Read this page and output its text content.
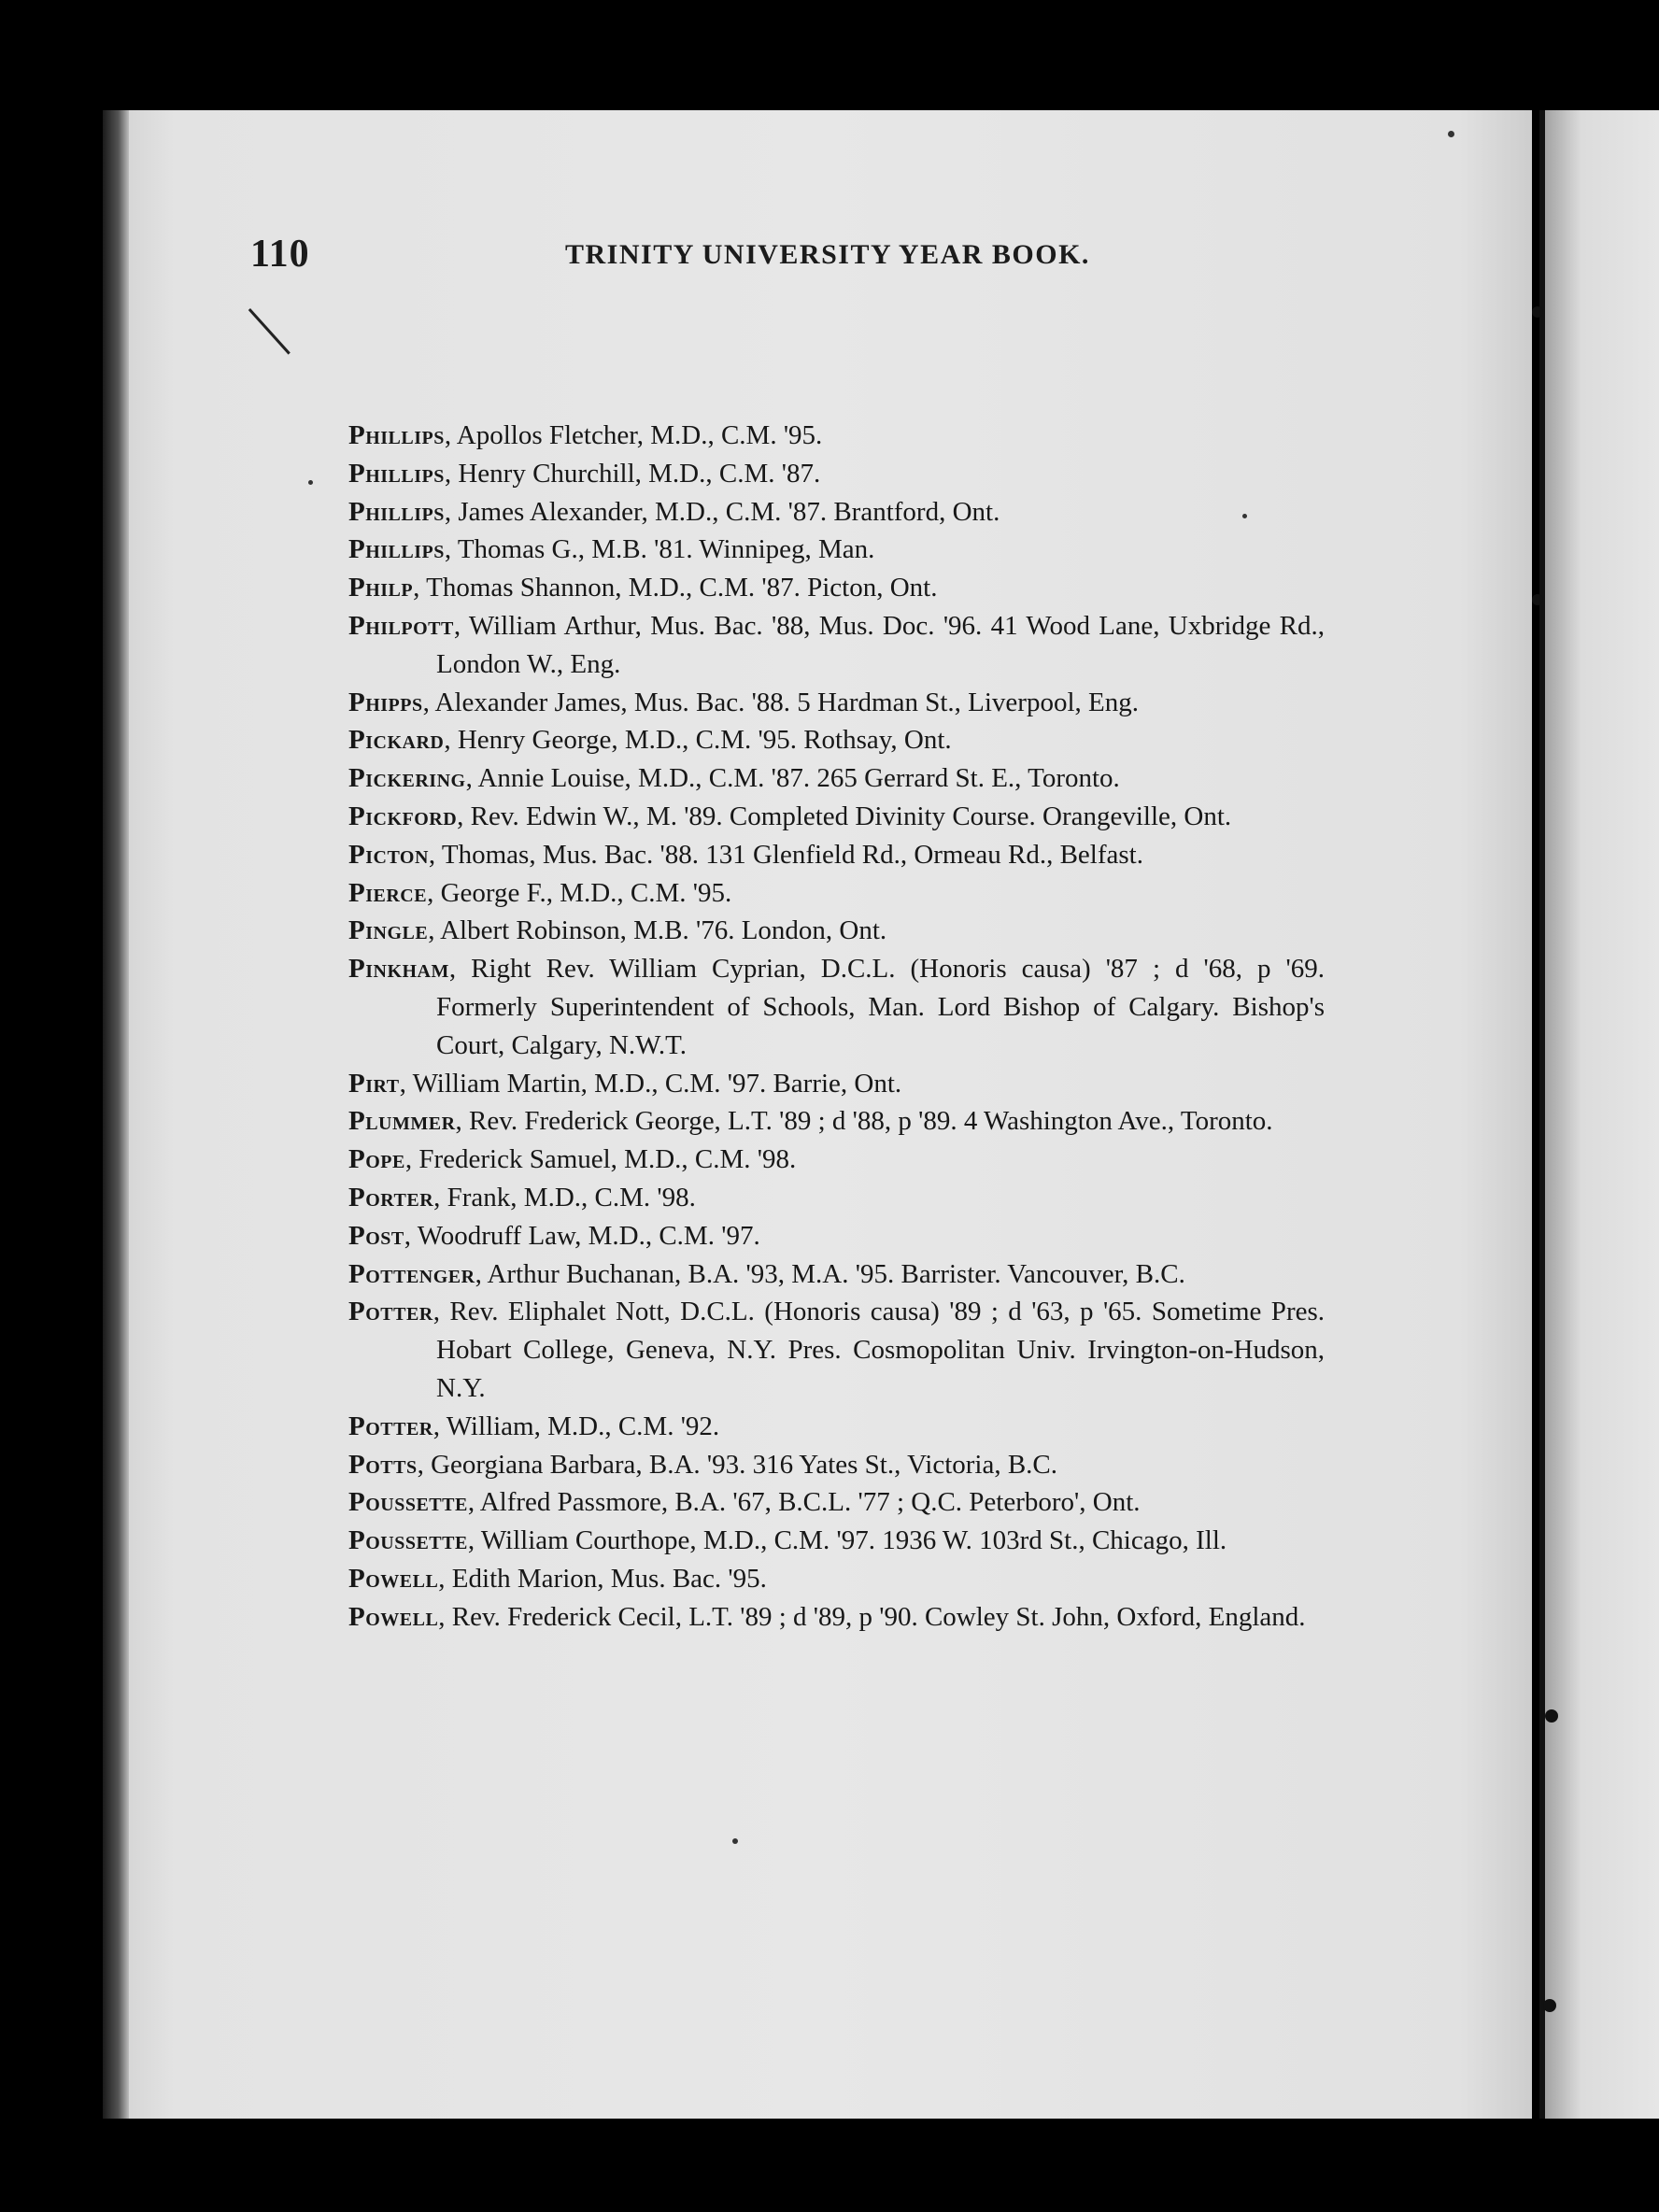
110	TRINITY UNIVERSITY YEAR BOOK.

Phillips, Apollos Fletcher, M.D., C.M. '95.

Phillips, Henry Churchill, M.D., C.M. '87.

Phillips, James Alexander, M.D., C.M. '87. Brantford, Ont.

Phillips, Thomas G., M.B. '81. Winnipeg, Man.

Philp, Thomas Shannon, M.D., C.M. '87. Picton, Ont.

Philpott, William Arthur, Mus. Bac. '88, Mus. Doc. '96. 41 Wood Lane, Uxbridge Rd., London W., Eng.

Phipps, Alexander James, Mus. Bac. '88. 5 Hardman St., Liverpool, Eng.

Pickard, Henry George, M.D., C.M. '95. Rothsay, Ont.

Pickering, Annie Louise, M.D., C.M. '87. 265 Gerrard St. E., Toronto.

Pickford, Rev. Edwin W., M. '89. Completed Divinity Course. Orangeville, Ont.

Picton, Thomas, Mus. Bac. '88. 131 Glenfield Rd., Ormeau Rd., Belfast.

Pierce, George F., M.D., C.M. '95.

Pingle, Albert Robinson, M.B. '76. London, Ont.

Pinkham, Right Rev. William Cyprian, D.C.L. (Honoris causa) '87 ; d '68, p '69. Formerly Superintendent of Schools, Man. Lord Bishop of Calgary. Bishop's Court, Calgary, N.W.T.

Pirt, William Martin, M.D., C.M. '97. Barrie, Ont.

Plummer, Rev. Frederick George, L.T. '89 ; d '88, p '89. 4 Washington Ave., Toronto.

Pope, Frederick Samuel, M.D., C.M. '98.

Porter, Frank, M.D., C.M. '98.

Post, Woodruff Law, M.D., C.M. '97.

Pottenger, Arthur Buchanan, B.A. '93, M.A. '95. Barrister. Vancouver, B.C.

Potter, Rev. Eliphalet Nott, D.C.L. (Honoris causa) '89 ; d '63, p '65. Sometime Pres. Hobart College, Geneva, N.Y. Pres. Cosmopolitan Univ. Irvington-on-Hudson, N.Y.

Potter, William, M.D., C.M. '92.

Potts, Georgiana Barbara, B.A. '93. 316 Yates St., Victoria, B.C.

Poussette, Alfred Passmore, B.A. '67, B.C.L. '77 ; Q.C. Peterboro', Ont.

Poussette, William Courthope, M.D., C.M. '97. 1936 W. 103rd St., Chicago, Ill.

Powell, Edith Marion, Mus. Bac. '95.

Powell, Rev. Frederick Cecil, L.T. '89 ; d '89, p '90. Cowley St. John, Oxford, England.
